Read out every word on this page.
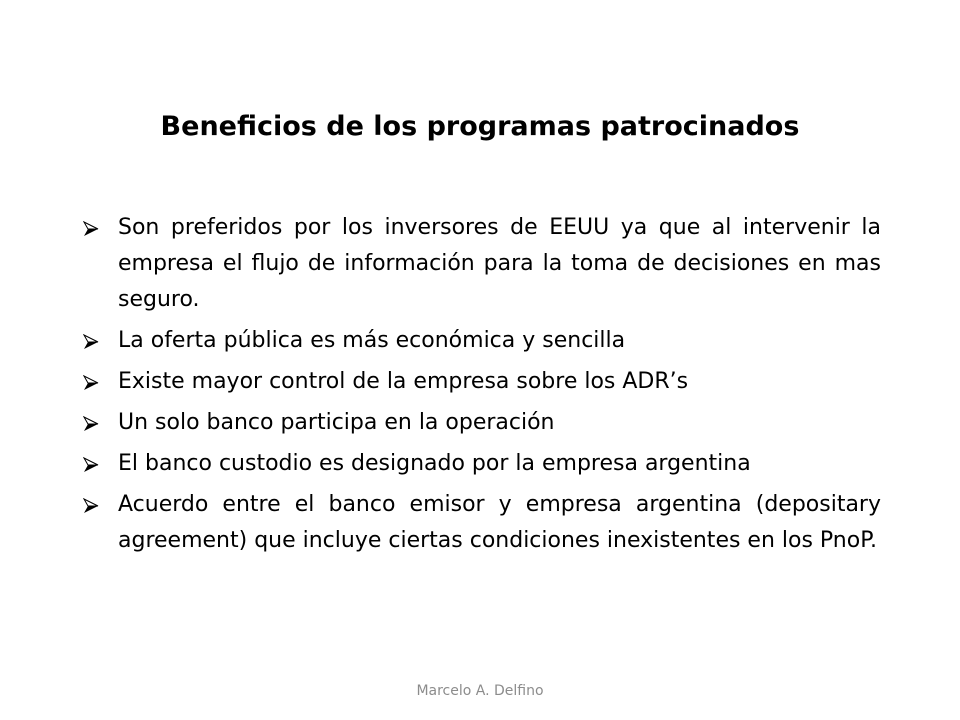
Beneficios de los programas patrocinados
Son preferidos por los inversores de EEUU ya que al intervenir la empresa el flujo de información para la toma de decisiones en mas seguro.
La oferta pública es más económica y sencilla
Existe mayor control de la empresa sobre los ADR’s
Un solo banco participa en la operación
El banco custodio es designado por la empresa argentina
Acuerdo entre el banco emisor y empresa argentina (depositary agreement) que incluye ciertas condiciones inexistentes en los PnoP.
Marcelo A. Delfino
